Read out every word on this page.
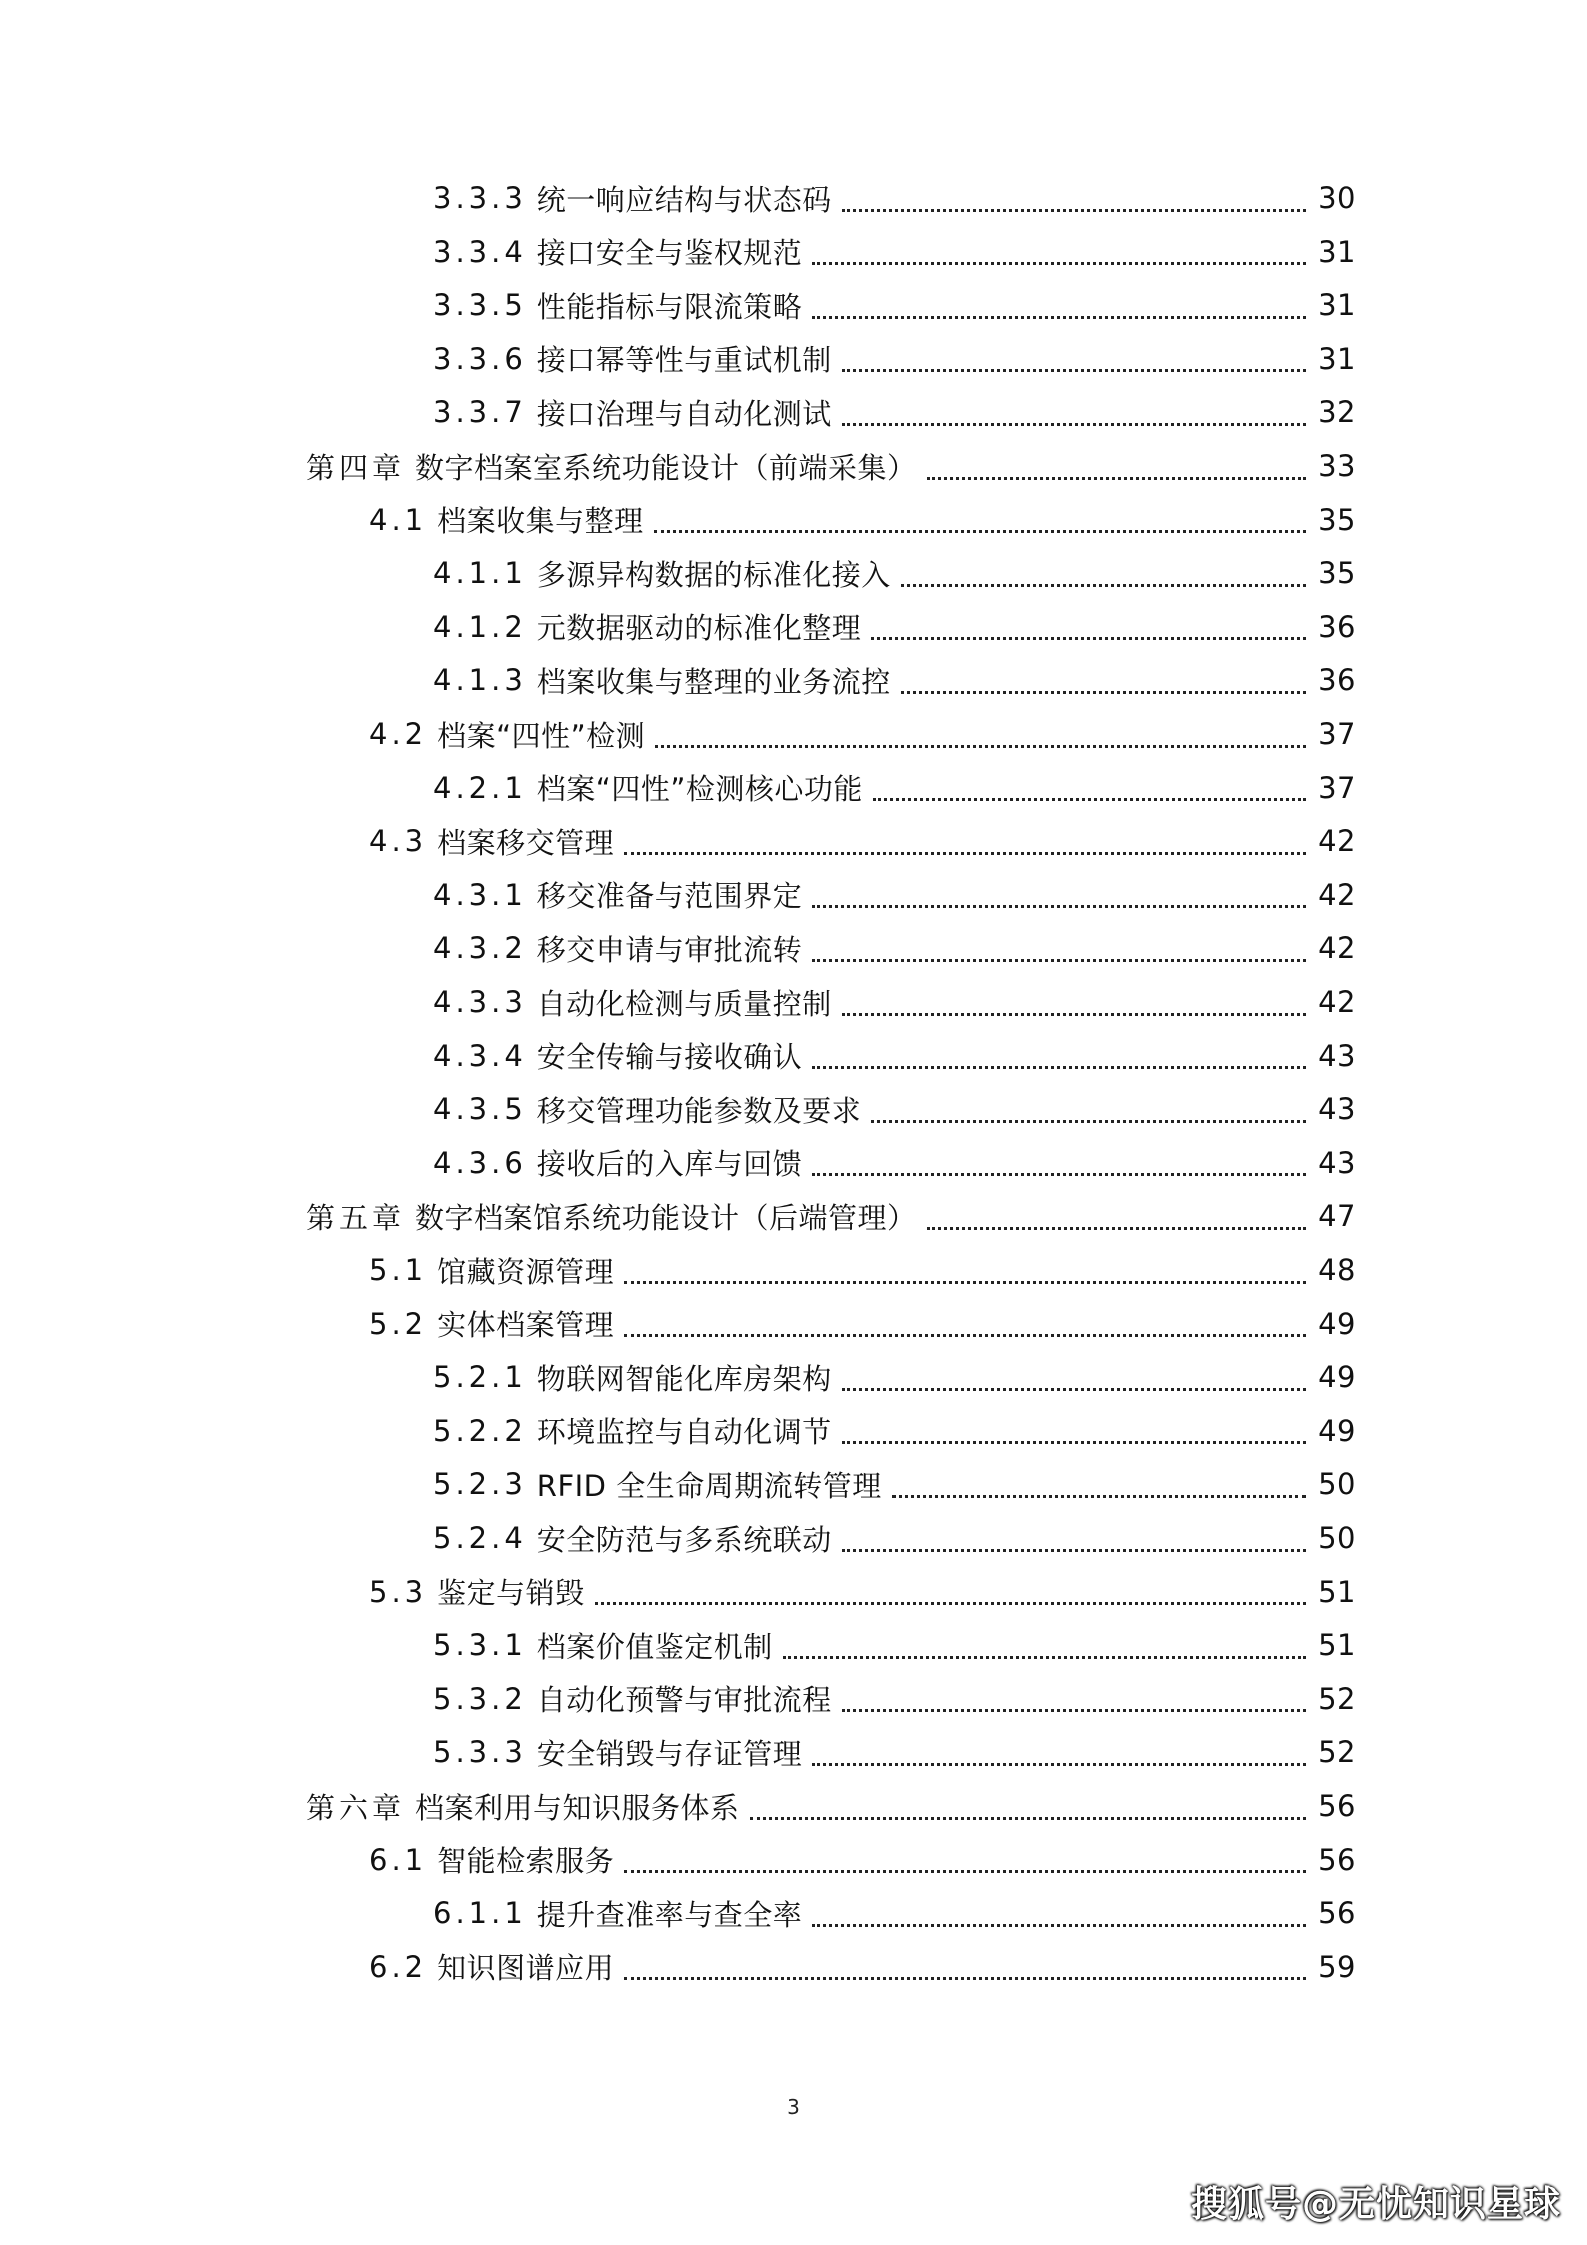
3.3.3 统一响应结构与状态码	30
3.3.4 接口安全与鉴权规范	31
3.3.5 性能指标与限流策略	31
3.3.6 接口幂等性与重试机制	31
3.3.7 接口治理与自动化测试	32
第四章 数字档案室系统功能设计（前端采集）	33
4.1 档案收集与整理	35
4.1.1 多源异构数据的标准化接入	35
4.1.2 元数据驱动的标准化整理	36
4.1.3 档案收集与整理的业务流控	36
4.2 档案“四性”检测	37
4.2.1 档案“四性”检测核心功能	37
4.3 档案移交管理	42
4.3.1 移交准备与范围界定	42
4.3.2 移交申请与审批流转	42
4.3.3 自动化检测与质量控制	42
4.3.4 安全传输与接收确认	43
4.3.5 移交管理功能参数及要求	43
4.3.6 接收后的入库与回馈	43
第五章 数字档案馆系统功能设计（后端管理）	47
5.1 馆藏资源管理	48
5.2 实体档案管理	49
5.2.1 物联网智能化库房架构	49
5.2.2 环境监控与自动化调节	49
5.2.3 RFID 全生命周期流转管理	50
5.2.4 安全防范与多系统联动	50
5.3 鉴定与销毁	51
5.3.1 档案价值鉴定机制	51
5.3.2 自动化预警与审批流程	52
5.3.3 安全销毁与存证管理	52
第六章 档案利用与知识服务体系	56
6.1 智能检索服务	56
6.1.1 提升查准率与查全率	56
6.2 知识图谱应用	59
3
搜狐号@无忧知识星球
